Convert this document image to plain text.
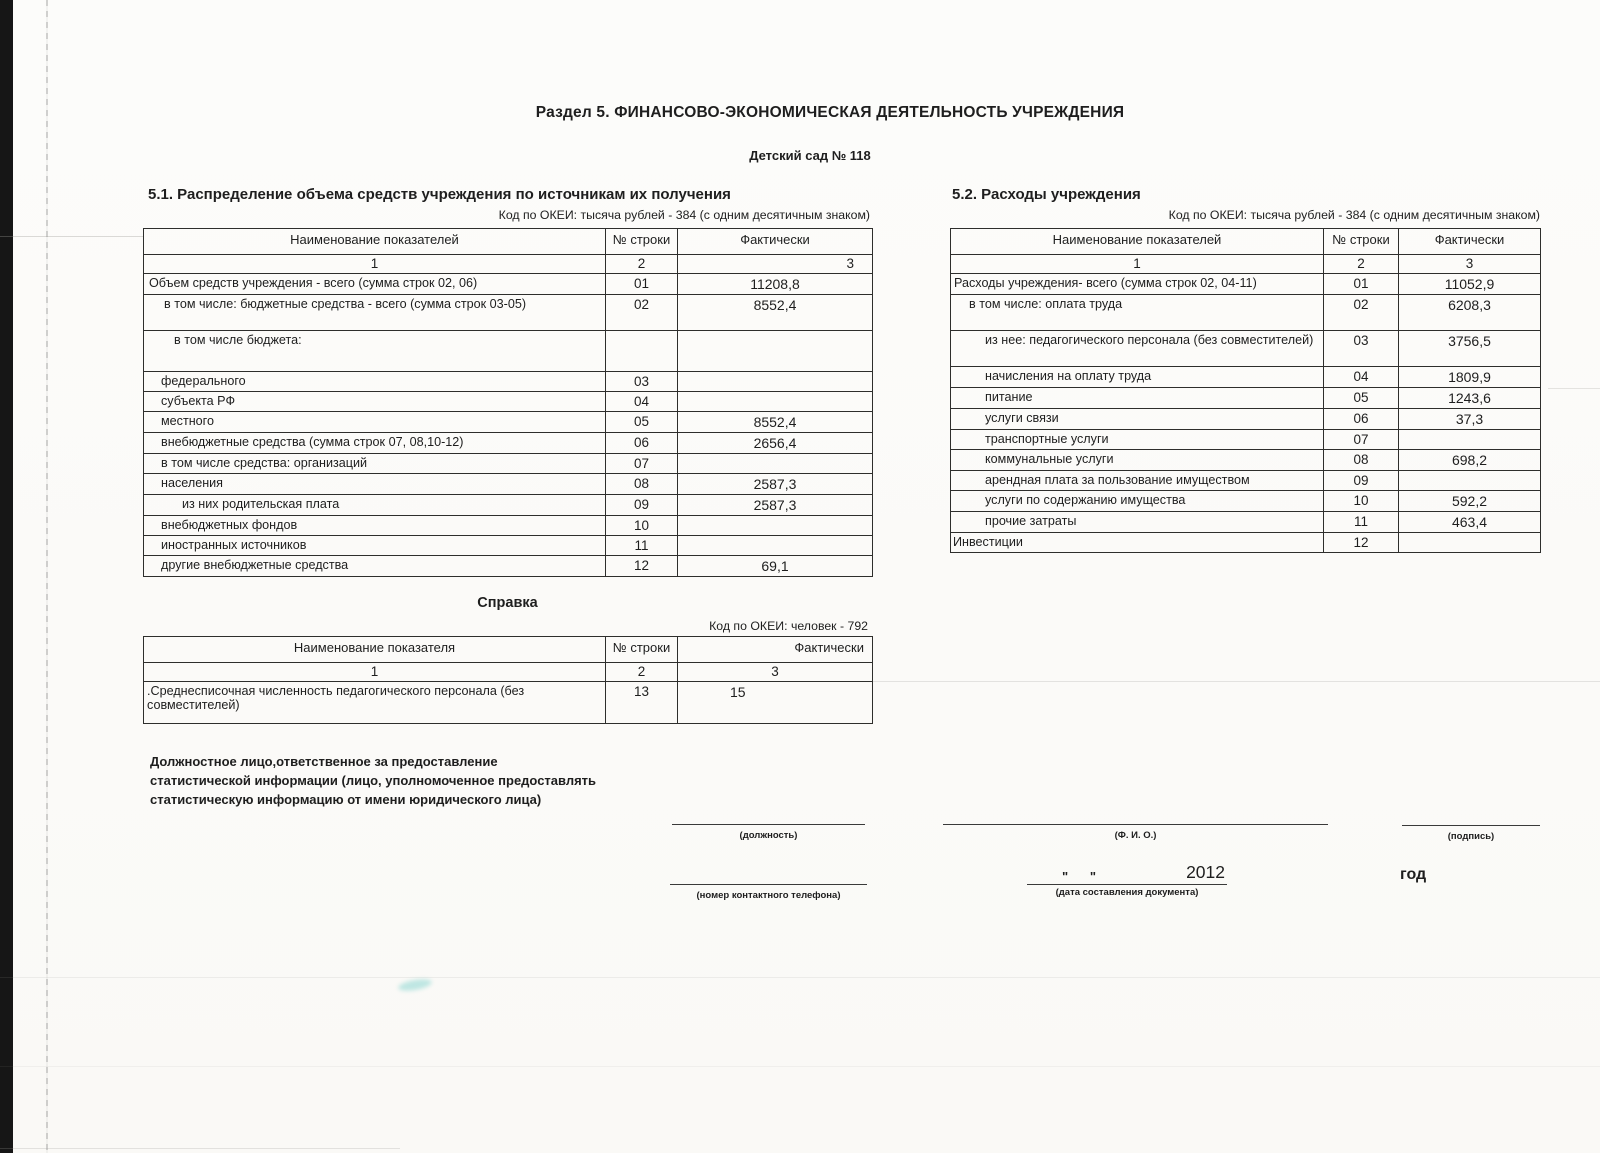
Раздел 5. ФИНАНСОВО-ЭКОНОМИЧЕСКАЯ ДЕЯТЕЛЬНОСТЬ УЧРЕЖДЕНИЯ
Детский сад № 118
5.1. Распределение объема средств учреждения по источникам их получения
Код по ОКЕИ: тысяча рублей - 384 (с одним десятичным знаком)
Наименование показателей	№ строки	Фактически
1	2	3
Объем средств учреждения - всего (сумма строк 02, 06)	01	11208,8
в том числе: бюджетные средства - всего (сумма строк 03-05)	02	8552,4
в том числе бюджета:		
федерального	03	
субъекта РФ	04	
местного	05	8552,4
внебюджетные средства (сумма строк 07, 08,10-12)	06	2656,4
в том числе средства: организаций	07	
населения	08	2587,3
из них родительская плата	09	2587,3
внебюджетных фондов	10	
иностранных источников	11	
другие внебюджетные средства	12	69,1
5.2. Расходы учреждения
Код по ОКЕИ: тысяча рублей - 384 (с одним десятичным знаком)
Наименование показателей	№ строки	Фактически
1	2	3
Расходы учреждения- всего (сумма строк 02, 04-11)	01	11052,9
в том числе: оплата труда	02	6208,3
из нее: педагогического персонала (без совместителей)	03	3756,5
начисления на оплату труда	04	1809,9
питание	05	1243,6
услуги связи	06	37,3
транспортные услуги	07	
коммунальные услуги	08	698,2
арендная плата за пользование имуществом	09	
услуги по содержанию имущества	10	592,2
прочие затраты	11	463,4
Инвестиции	12	
Справка
Код по ОКЕИ: человек - 792
Наименование показателя	№ строки	Фактически
1	2	3
.Среднесписочная численность педагогического персонала (без совместителей)	13	15
Должностное лицо,ответственное за предоставление
статистической информации (лицо, уполномоченное предоставлять
статистическую информацию от имени юридического лица)
(должность)	(Ф. И. О.)	(подпись)
(номер контактного телефона)
"      "	2012
(дата составления документа)
год
